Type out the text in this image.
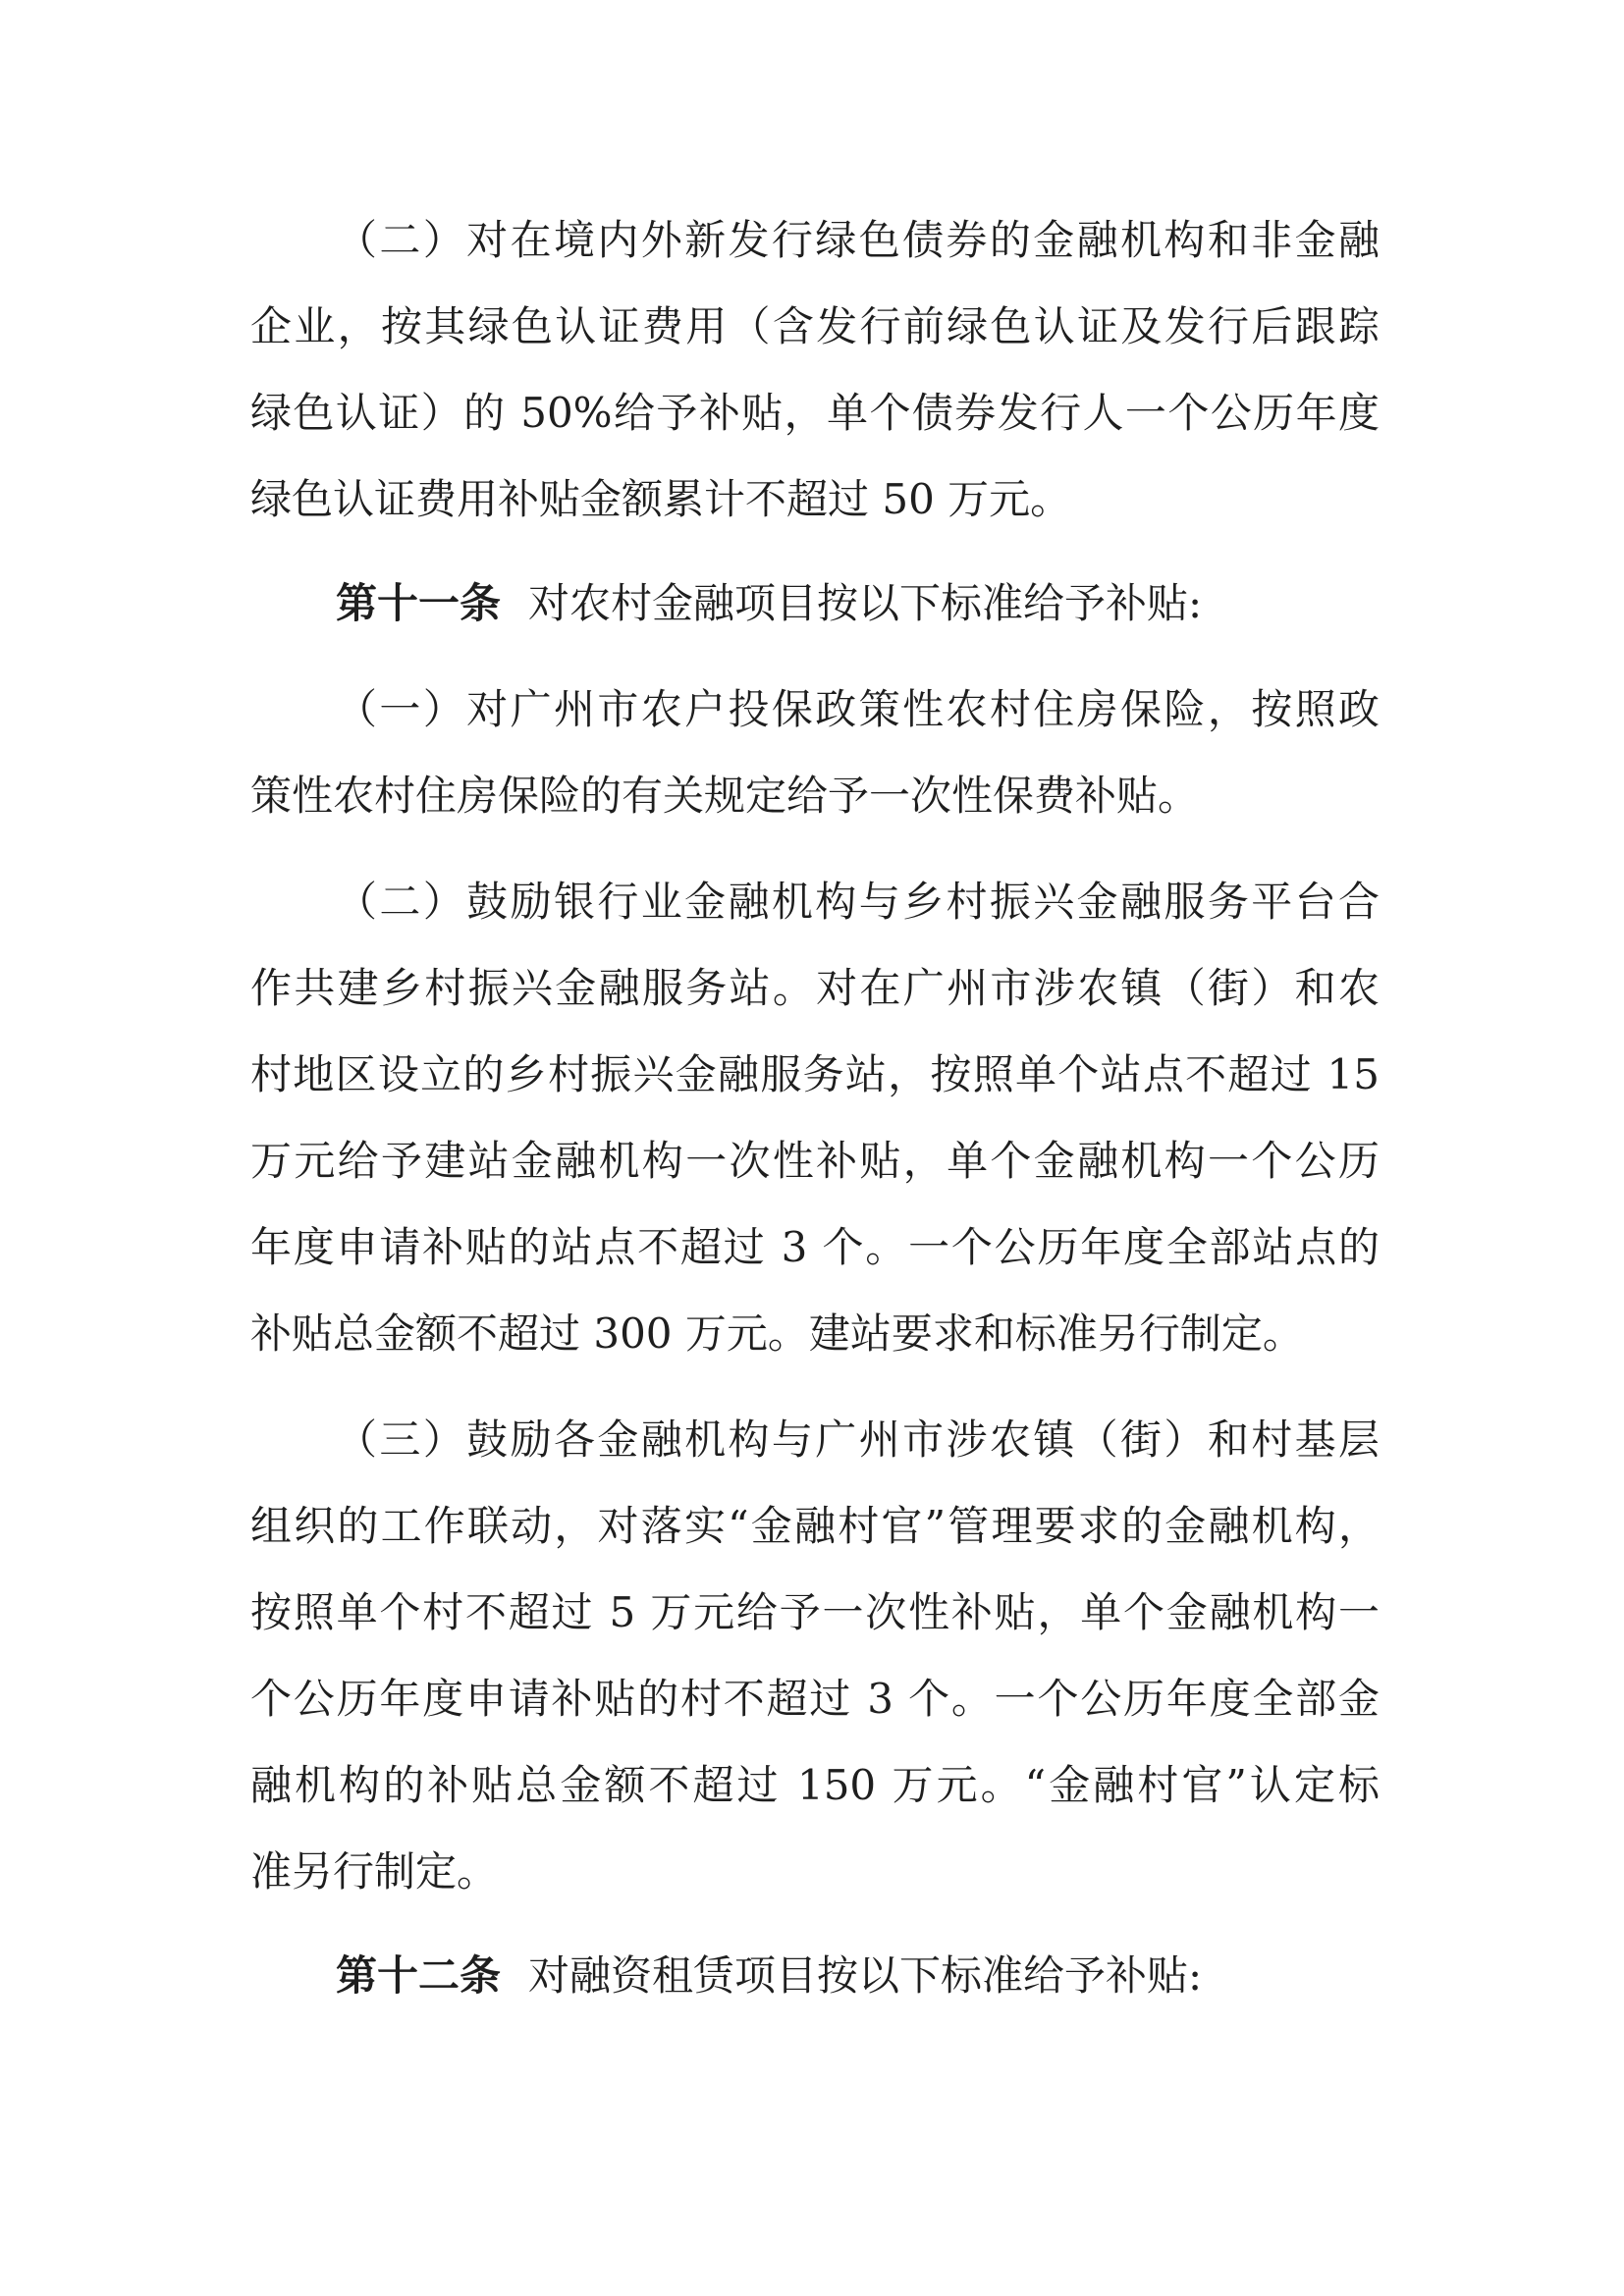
（二）对在境内外新发行绿色债券的金融机构和非金融
企业，按其绿色认证费用（含发行前绿色认证及发行后跟踪
绿色认证）的 50%给予补贴，单个债券发行人一个公历年度
绿色认证费用补贴金额累计不超过 50 万元。
第十一条 对农村金融项目按以下标准给予补贴:
（一）对广州市农户投保政策性农村住房保险，按照政
策性农村住房保险的有关规定给予一次性保费补贴。
（二）鼓励银行业金融机构与乡村振兴金融服务平台合
作共建乡村振兴金融服务站。对在广州市涉农镇（街）和农
村地区设立的乡村振兴金融服务站，按照单个站点不超过 15
万元给予建站金融机构一次性补贴，单个金融机构一个公历
年度申请补贴的站点不超过 3 个。一个公历年度全部站点的
补贴总金额不超过 300 万元。建站要求和标准另行制定。
（三）鼓励各金融机构与广州市涉农镇（街）和村基层
组织的工作联动，对落实“金融村官”管理要求的金融机构，
按照单个村不超过 5 万元给予一次性补贴，单个金融机构一
个公历年度申请补贴的村不超过 3 个。一个公历年度全部金
融机构的补贴总金额不超过 150 万元。“金融村官”认定标
准另行制定。
第十二条 对融资租赁项目按以下标准给予补贴:
